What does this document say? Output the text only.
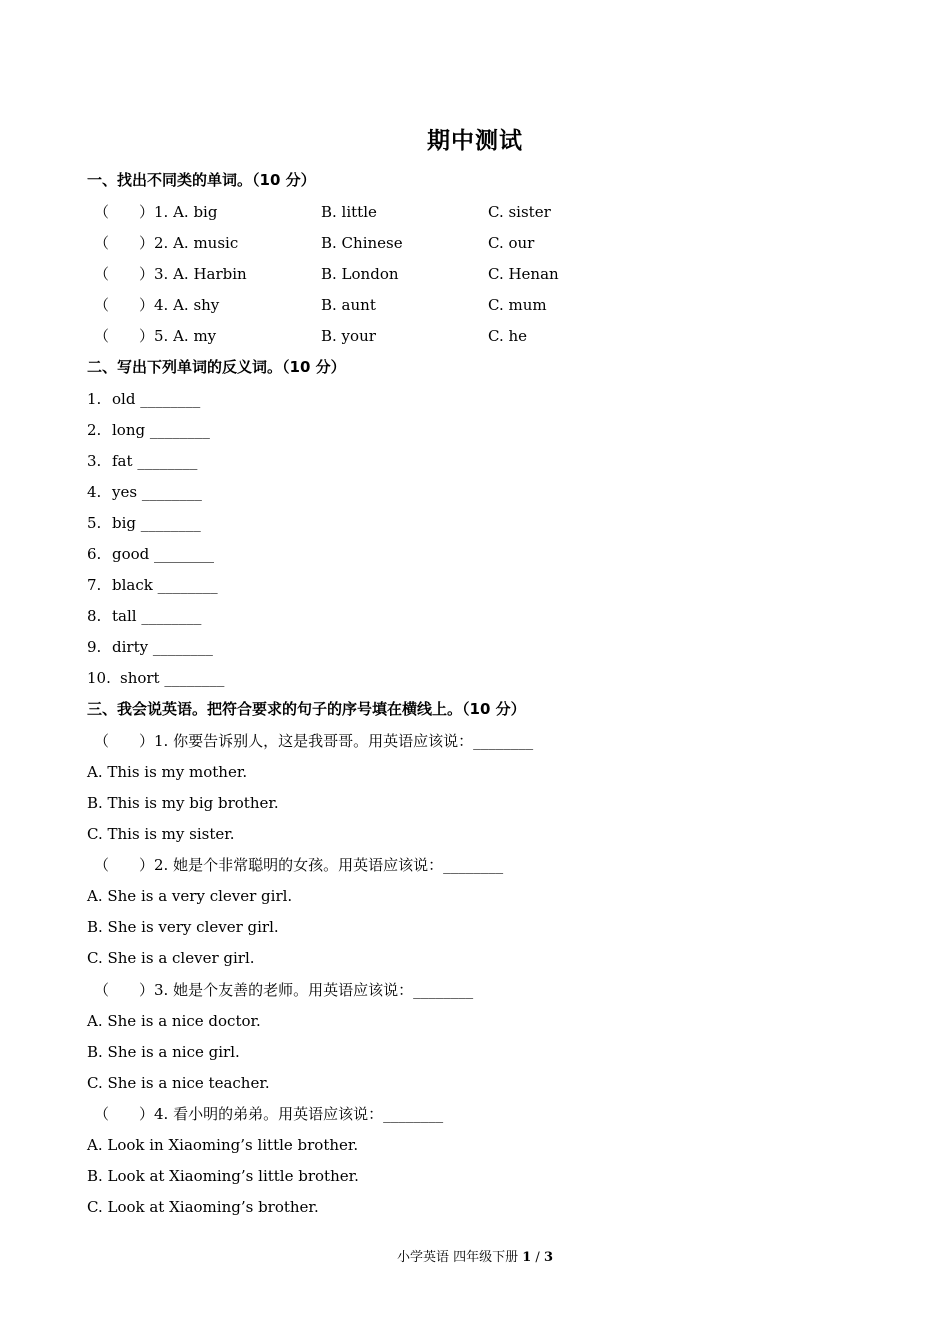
期中测试
一、找出不同类的单词。（10 分）
（　　） 1. A. big	B. little	C. sister
（　　） 2. A. music	B. Chinese	C. our
（　　） 3. A. Harbin	B. London	C. Henan
（　　） 4. A. shy	B. aunt	C. mum
（　　） 5. A. my	B. your	C. he
二、写出下列单词的反义词。（10 分）
1. old ________
2. long ________
3. fat ________
4. yes ________
5. big ________
6. good ________
7. black ________
8. tall ________
9. dirty ________
10. short ________
三、我会说英语。把符合要求的句子的序号填在横线上。（10 分）
（　　）1. 你要告诉别人，这是我哥哥。用英语应该说：________
A. This is my mother.
B. This is my big brother.
C. This is my sister.
（　　）2. 她是个非常聪明的女孩。用英语应该说：________
A. She is a very clever girl.
B. She is very clever girl.
C. She is a clever girl.
（　　）3. 她是个友善的老师。用英语应该说：________
A. She is a nice doctor.
B. She is a nice girl.
C. She is a nice teacher.
（　　）4. 看小明的弟弟。用英语应该说：________
A. Look in Xiaoming’s little brother.
B. Look at Xiaoming’s little brother.
C. Look at Xiaoming’s brother.
小学英语 四年级下册 1 / 3
